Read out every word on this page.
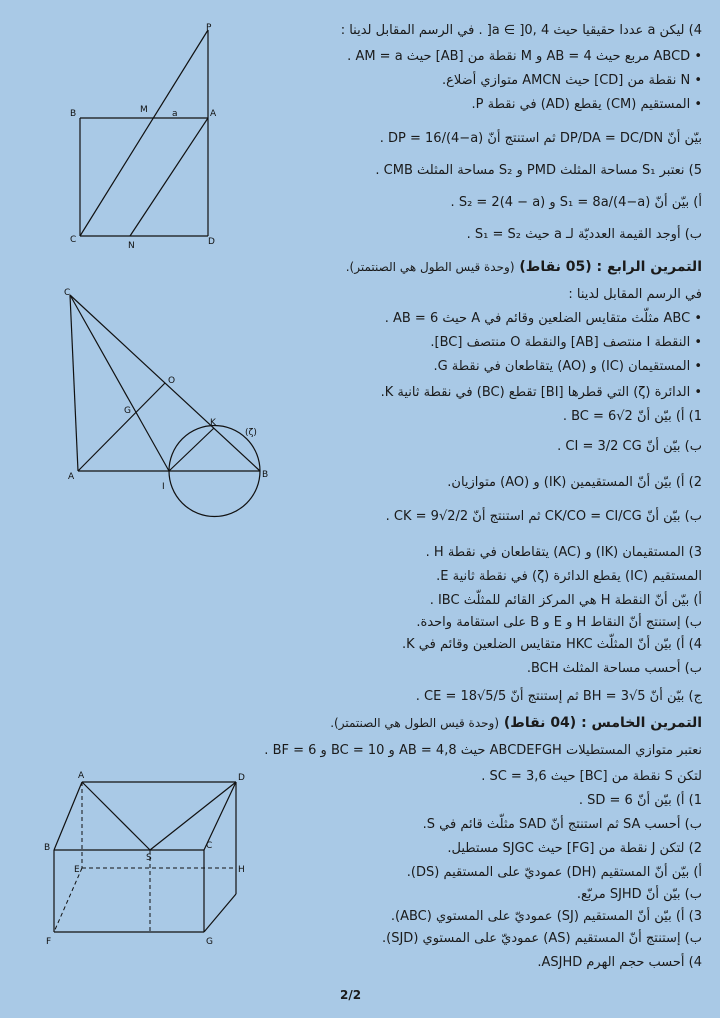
4) ليكن a عددا حقيقيا حيث a ∈ ]0, 4[ . في الرسم المقابل لدينا :
• ABCD مربع حيث AB = 4 و M نقطة من [AB] حيث AM = a .
• N نقطة من [CD] حيث AMCN متوازي أضلاع.
• المستقيم (CM) يقطع (AD) في نقطة P.
بيّن أنّ DP/DA = DC/DN ثم استنتج أنّ DP = 16/(4−a) .
5) نعتبر S₁ مساحة المثلث PMD و S₂ مساحة المثلث CMB .
أ) بيّن أنّ S₁ = 8a/(4−a) و S₂ = 2(4 − a) .
ب) أوجد القيمة العدديّة لـ a حيث S₁ = S₂ .
P
B	M	a	A
C
N	D
التمرين الرابع : (05 نقاط) (وحدة قيس الطول هي الصنتمتر).
في الرسم المقابل لدينا :
• ABC مثلّث متقايس الضلعين وقائم في A حيث AB = 6 .
• النقطة I منتصف [AB] والنقطة O منتصف [BC].
• المستقيمان (IC) و (AO) يتقاطعان في نقطة G.
• الدائرة (ζ) التي قطرها [BI] تقطع (BC) في نقطة ثانية K.
1) أ) بيّن أنّ BC = 6√2 .
ب) بيّن أنّ CI = 3/2 CG .
2) أ) بيّن أنّ المستقيمين (IK) و (AO) متوازيان.
ب) بيّن أنّ CK/CO = CI/CG ثم استنتج أنّ CK = 9√2/2 .
3) المستقيمان (IK) و (AC) يتقاطعان في نقطة H .
المستقيم (IC) يقطع الدائرة (ζ) في نقطة ثانية E.
أ) بيّن أنّ النقطة H هي المركز القائم للمثلّث IBC .
ب) إستنتج أنّ النقاط H و E و B على استقامة واحدة.
4) أ) بيّن أنّ المثلّث HKC متقايس الضلعين وقائم في K.
ب) أحسب مساحة المثلث BCH.
ج) بيّن أنّ BH = 3√5 ثم إستنتج أنّ CE = 18√5/5 .
C
O
G
K
(ζ)
A
I
B
التمرين الخامس : (04 نقاط) (وحدة قيس الطول هي الصنتمتر).
نعتبر متوازي المستطيلات ABCDEFGH حيث AB = 4,8 و BC = 10 و BF = 6 .
لتكن S نقطة من [BC] حيث SC = 3,6 .
1) أ) بيّن أنّ SD = 6 .
ب) أحسب SA ثم استنتج أنّ SAD مثلّث قائم في S.
2) لتكن J نقطة من [FG] حيث SJGC مستطيل.
أ) بيّن أنّ المستقيم (DH) عموديّ على المستقيم (DS).
ب) بيّن أنّ SJHD مربّع.
3) أ) بيّن أنّ المستقيم (SJ) عموديّ على المستوي (ABC).
ب) إستنتج أنّ المستقيم (AS) عموديّ على المستوي (SJD).
4) أحسب حجم الهرم ASJHD.
A	D
B
S
C
E	H
F	G
2/2
